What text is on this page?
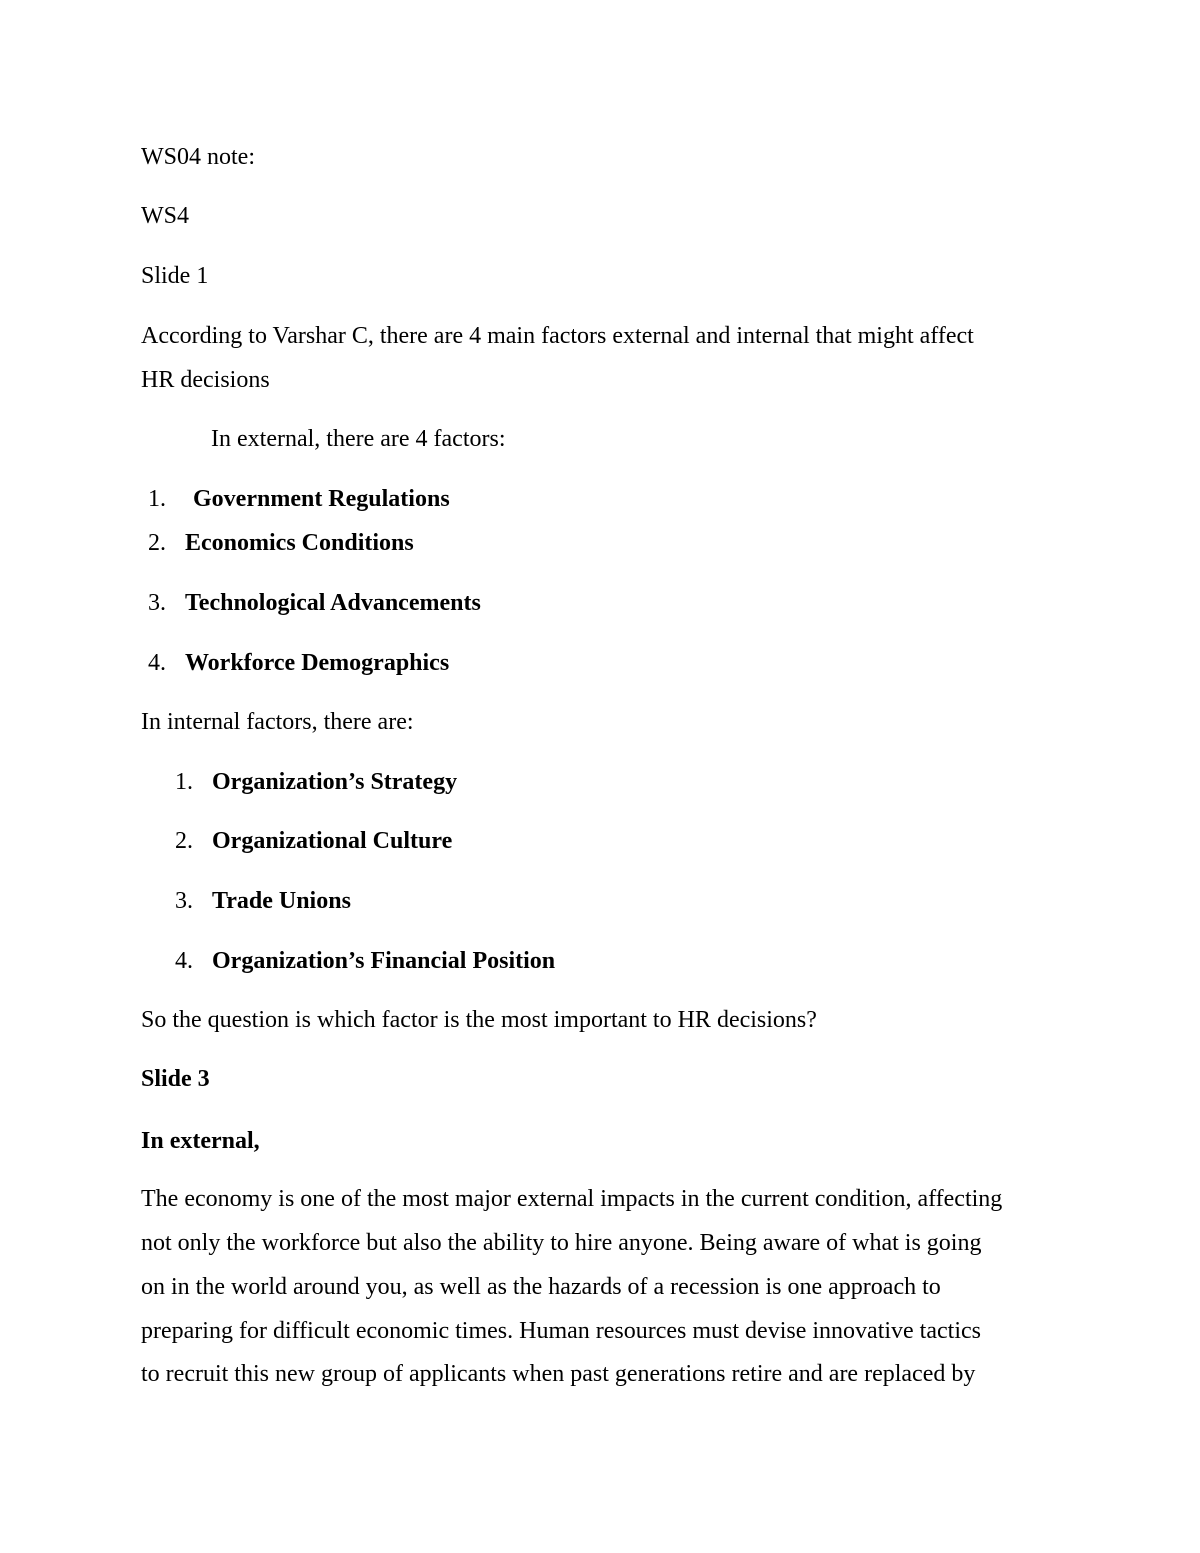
WS04 note:
WS4
Slide 1
According to Varshar C, there are 4 main factors external and internal that might affect
HR decisions
In external, there are 4 factors:
1. Government Regulations
2. Economics Conditions
3. Technological Advancements
4. Workforce Demographics
In internal factors, there are:
1. Organization’s Strategy
2. Organizational Culture
3. Trade Unions
4. Organization’s Financial Position
So the question is which factor is the most important to HR decisions?
Slide 3
In external,
The economy is one of the most major external impacts in the current condition, affecting
not only the workforce but also the ability to hire anyone. Being aware of what is going
on in the world around you, as well as the hazards of a recession is one approach to
preparing for difficult economic times. Human resources must devise innovative tactics
to recruit this new group of applicants when past generations retire and are replaced by
